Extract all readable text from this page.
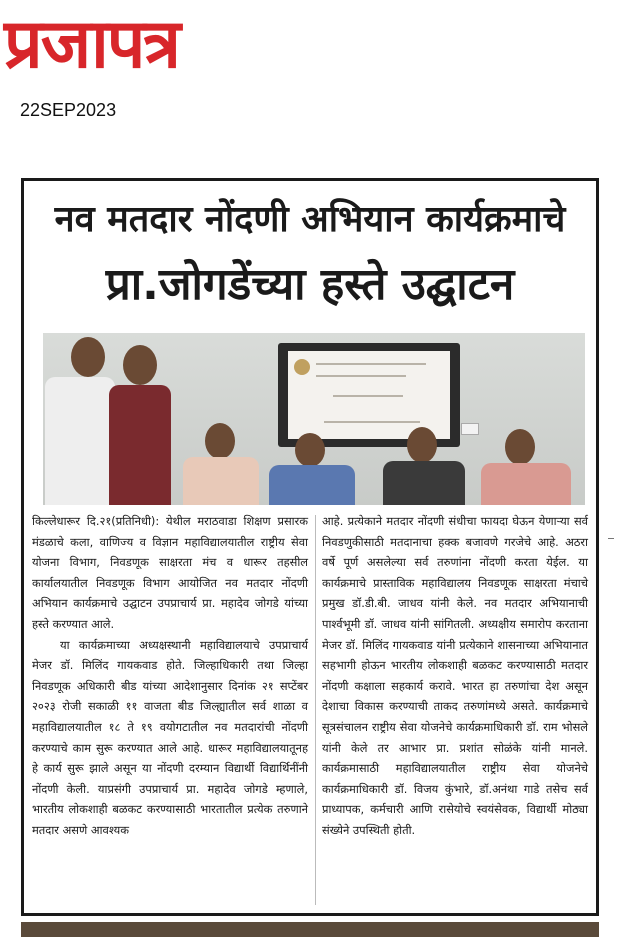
प्रजापत्र
22SEP2023
नव मतदार नोंदणी अभियान कार्यक्रमाचे
प्रा.जोगडेंच्या हस्ते उद्घाटन

किल्लेधारूर दि.२१(प्रतिनिधी): येथील मराठवाडा शिक्षण प्रसारक मंडळाचे कला, वाणिज्य व विज्ञान महाविद्यालयातील राष्ट्रीय सेवा योजना विभाग, निवडणूक साक्षरता मंच व धारूर तहसील कार्यालयातील निवडणूक विभाग आयोजित नव मतदार नोंदणी अभियान कार्यक्रमाचे उद्घाटन उपप्राचार्य प्रा. महादेव जोगडे यांच्या हस्ते करण्यात आले.

या कार्यक्रमाच्या अध्यक्षस्थानी महाविद्यालयाचे उपप्राचार्य मेजर डॉ. मिलिंद गायकवाड होते. जिल्हाधिकारी तथा जिल्हा निवडणूक अधिकारी बीड यांच्या आदेशानुसार दिनांक २१ सप्टेंबर २०२३ रोजी सकाळी ११ वाजता बीड जिल्ह्यातील सर्व शाळा व महाविद्यालयातील १८ ते १९ वयोगटातील नव मतदारांची नोंदणी करण्याचे काम सुरू करण्यात आले आहे. धारूर महाविद्यालयातूनह हे कार्य सुरू झाले असून या नोंदणी दरम्यान विद्यार्थी विद्यार्थिनींनी नोंदणी केली. याप्रसंगी उपप्राचार्य प्रा. महादेव जोगडे म्हणाले, भारतीय लोकशाही बळकट करण्यासाठी भारतातील प्रत्येक तरुणाने मतदार असणे आवश्यक

आहे. प्रत्येकाने मतदार नोंदणी संधीचा फायदा घेऊन येणाऱ्या सर्व निवडणुकीसाठी मतदानाचा हक्क बजावणे गरजेचे आहे. अठरा वर्षे पूर्ण असलेल्या सर्व तरुणांना नोंदणी करता येईल. या कार्यक्रमाचे प्रास्ताविक महाविद्यालय निवडणूक साक्षरता मंचाचे प्रमुख डॉ.डी.बी. जाधव यांनी केले. नव मतदार अभियानाची पार्श्वभूमी डॉ. जाधव यांनी सांगितली. अध्यक्षीय समारोप करताना मेजर डॉ. मिलिंद गायकवाड यांनी प्रत्येकाने शासनाच्या अभियानात सहभागी होऊन भारतीय लोकशाही बळकट करण्यासाठी मतदार नोंदणी कक्षाला सहकार्य करावे. भारत हा तरुणांचा देश असून देशाचा विकास करण्याची ताकद तरुणांमध्ये असते. कार्यक्रमाचे सूत्रसंचालन राष्ट्रीय सेवा योजनेचे कार्यक्रमाधिकारी डॉ. राम भोसले यांनी केले तर आभार प्रा. प्रशांत सोळंके यांनी मानले. कार्यक्रमासाठी महाविद्यालयातील राष्ट्रीय सेवा योजनेचे कार्यक्रमाधिकारी डॉ. विजय कुंभारे, डॉ.अनंथा गाडे तसेच सर्व प्राध्यापक, कर्मचारी आणि रासेयोचे स्वयंसेवक, विद्यार्थी मोठ्या संख्येने उपस्थिती होती.
